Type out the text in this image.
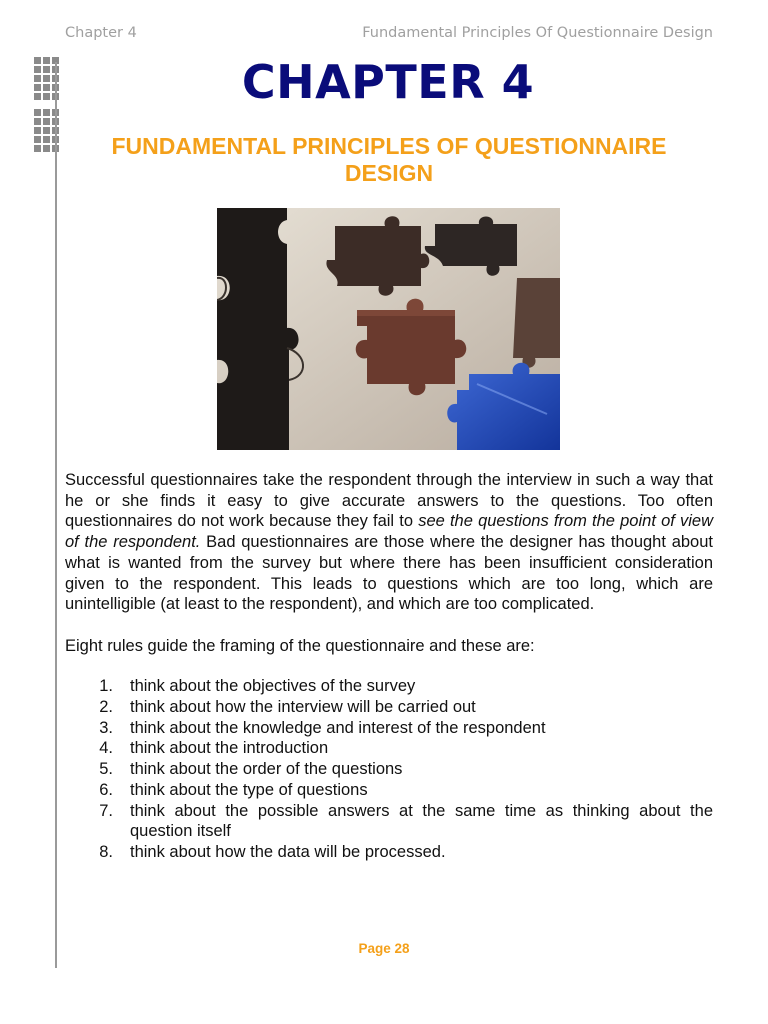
Chapter 4	Fundamental Principles Of Questionnaire Design
CHAPTER 4
FUNDAMENTAL PRINCIPLES OF QUESTIONNAIRE DESIGN

Successful questionnaires take the respondent through the interview in such a way that he or she finds it easy to give accurate answers to the questions. Too often questionnaires do not work because they fail to see the questions from the point of view of the respondent. Bad questionnaires are those where the designer has thought about what is wanted from the survey but where there has been insufficient consideration given to the respondent. This leads to questions which are too long, which are unintelligible (at least to the respondent), and which are too complicated.

Eight rules guide the framing of the questionnaire and these are:

1.	think about the objectives of the survey
2.	think about how the interview will be carried out
3.	think about the knowledge and interest of the respondent
4.	think about the introduction
5.	think about the order of the questions
6.	think about the type of questions
7.	think about the possible answers at the same time as thinking about the question itself
8.	think about how the data will be processed.
Page 28
